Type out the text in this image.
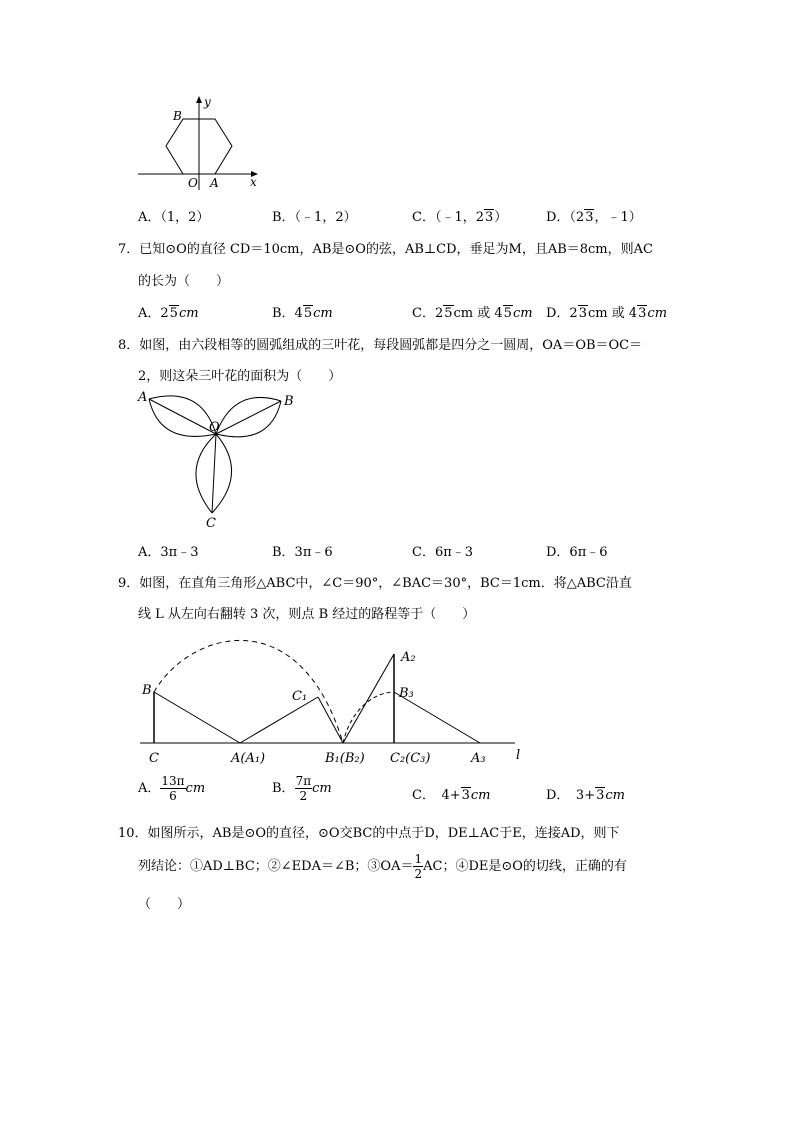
y
x
B
O A
A．（1，2）	B．（﹣1，2）	C．（﹣1，23）	D．（23，﹣1）
7．已知⊙O的直径 CD＝10cm，AB是⊙O的弦，AB⊥CD，垂足为M，且AB＝8cm，则AC
的长为（　　）
A．25cm	B．45cm	C．25cm 或 45cm D．23cm 或 43cm
8．如图，由六段相等的圆弧组成的三叶花，每段圆弧都是四分之一圆周，OA＝OB＝OC＝
2，则这朵三叶花的面积为（　　）
A	B
O
C
A．3π﹣3	B．3π﹣6	C．6π﹣3	D．6π﹣6
9．如图，在直角三角形△ABC中，∠C＝90°，∠BAC＝30°，BC＝1cm．将△ABC沿直
线 L 从左向右翻转 3 次，则点 B 经过的路程等于（　　）
B
C	A(A₁)
C₁
B₁(B₂) C₂(C₃)	A₃
A₂
B₃
l
A． $\frac{13\pi}{6}$ cm	B． $\frac{7\pi}{2}$ cm	C．　4+3cm	D．　3+3cm
10．如图所示，AB是⊙O的直径，⊙O交BC的中点于D，DE⊥AC于E，连接AD，则下
列结论：①AD⊥BC；②∠EDA＝∠B；③OA＝ $\frac{1}{2}$ AC；④DE是⊙O的切线，正确的有
（　　）
